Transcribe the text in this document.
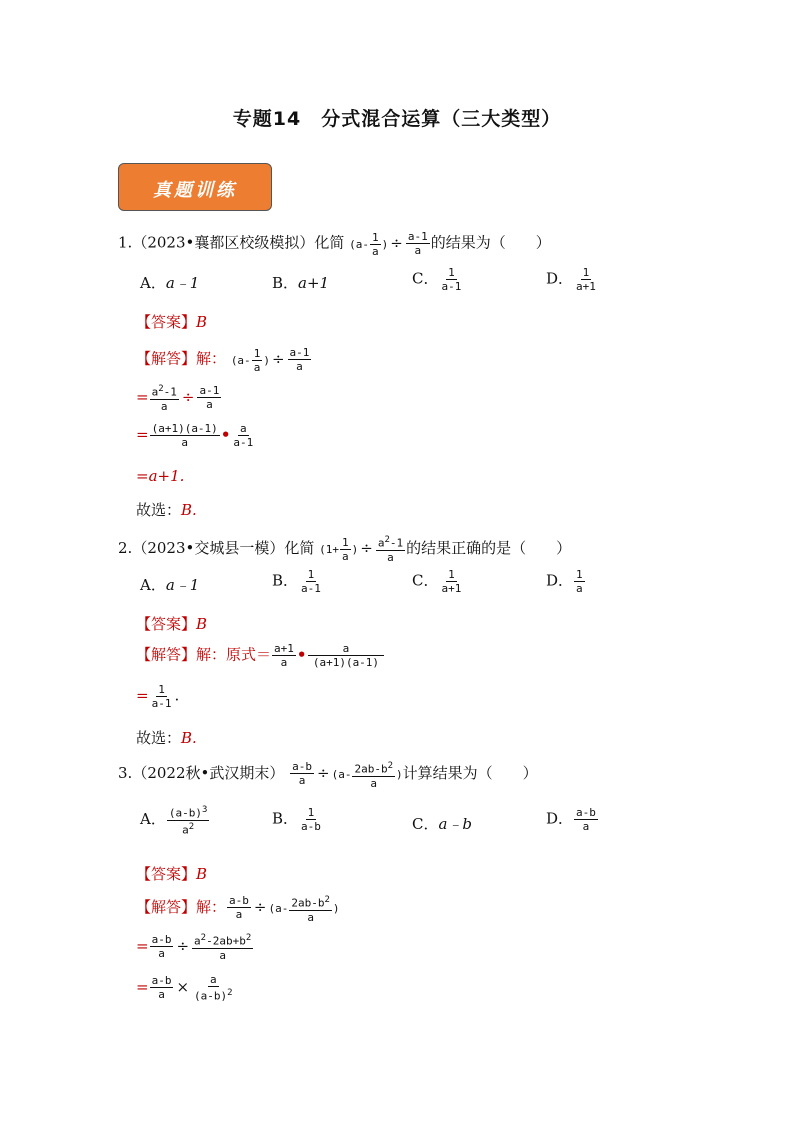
专题14　分式混合运算（三大类型）
真题训练
1.（2023•襄都区校级模拟）化简 ($a- \frac{1}{a}$ ) ÷ $\frac{a-1}{a}$ 的结果为（　　）
A．a﹣1	B．a+1	C． $\frac{1}{a-1}$	D． $\frac{1}{a+1}$
【答案】B
【解答】解： ($a- \frac{1}{a}$ ) ÷ $\frac{a-1}{a}$
= $\frac{a^2-1}{a} \div \frac{a-1}{a}$
= $\frac{(a+1)(a-1)}{a}$ • $\frac{a}{a-1}$
=a+1.
故选：B.
2.（2023•交城县一模）化简 ($1+ \frac{1}{a}$ ) ÷ $\frac{a^2-1}{a}$ 的结果正确的是（　　）
A．a﹣1	B． $\frac{1}{a-1}$	C． $\frac{1}{a+1}$	D． $\frac{1}{a}$
【答案】B
【解答】解：原式＝ $\frac{a+1}{a}$ • $\frac{a}{(a+1)(a-1)}$
= $\frac{1}{a-1}$ .
故选：B.
3.（2022秋•武汉期末） $\frac{a-b}{a} \div (a- \frac{2ab-b^2}{a}$ )计算结果为（　　）
A． $\frac{(a-b)^3}{a^2}$	B． $\frac{1}{a-b}$	C．a﹣b	D． $\frac{a-b}{a}$
【答案】B
【解答】解： $\frac{a-b}{a} \div (a- \frac{2ab-b^2}{a}$ )
= $\frac{a-b}{a} \div \frac{a^2-2ab+b^2}{a}$
= $\frac{a-b}{a} \times \frac{a}{(a-b)^2}$
